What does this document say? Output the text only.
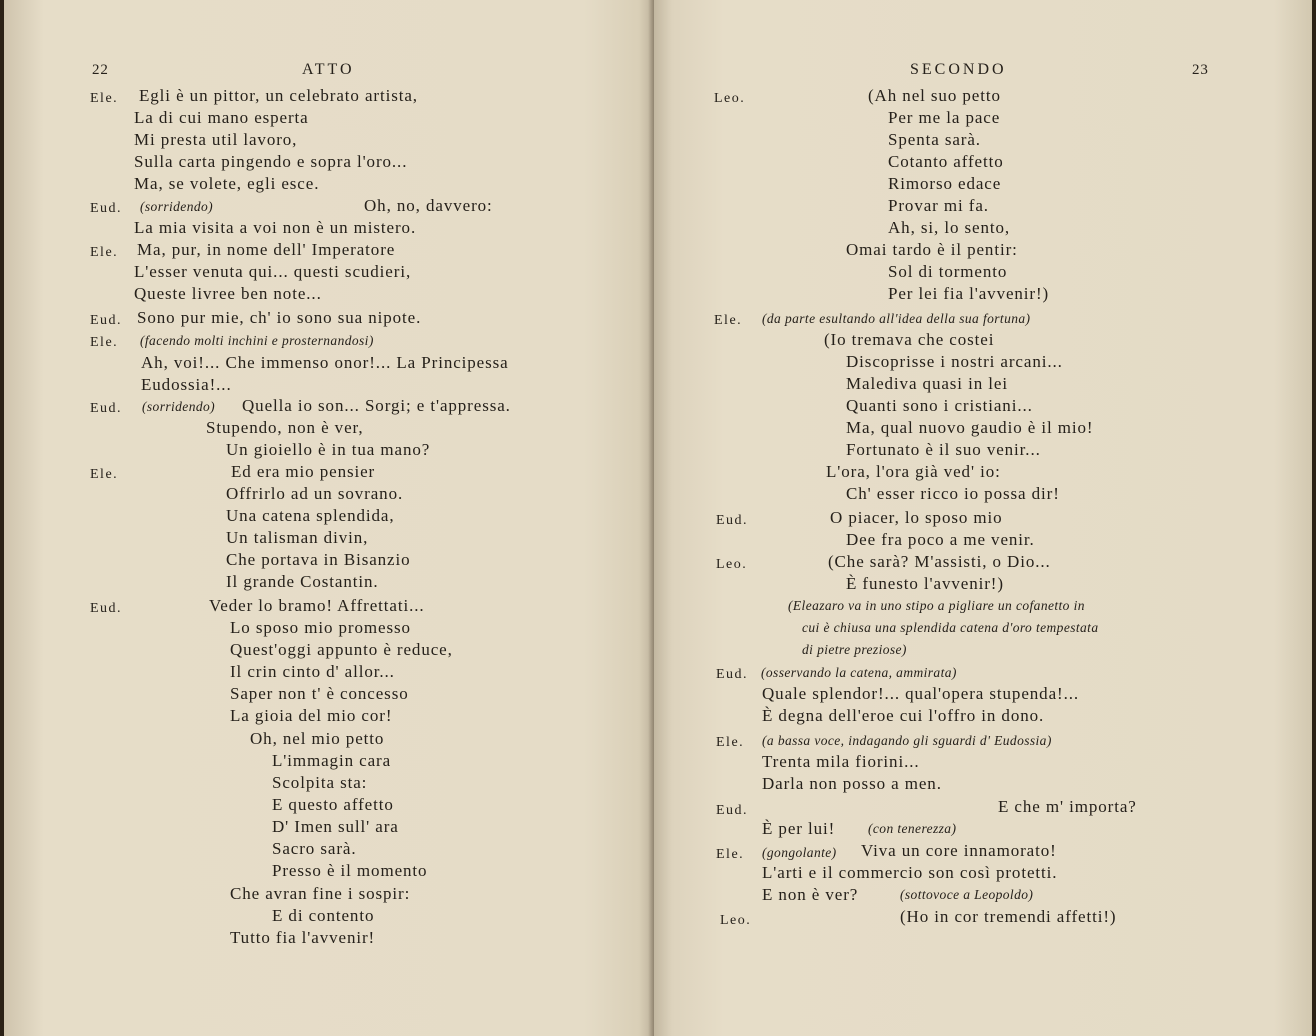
22	ATTO
Ele. Egli è un pittor, un celebrato artista,
La di cui mano esperta
Mi presta util lavoro,
Sulla carta pingendo e sopra l'oro...
Ma, se volete, egli esce.
Eud. (sorridendo)	Oh, no, davvero:
La mia visita a voi non è un mistero.
Ele. Ma, pur, in nome dell' Imperatore
L'esser venuta qui... questi scudieri,
Queste livree ben note...
Eud. Sono pur mie, ch' io sono sua nipote.
Ele. (facendo molti inchini e prosternandosi)
Ah, voi!... Che immenso onor!... La Principessa
Eudossia!...
Eud. (sorridendo) Quella io son... Sorgi; e t'appressa.
Stupendo, non è ver,
Un gioiello è in tua mano?
Ele.	Ed era mio pensier
Offrirlo ad un sovrano.
Una catena splendida,
Un talisman divin,
Che portava in Bisanzio
Il grande Costantin.
Eud.	Veder lo bramo! Affrettati...
Lo sposo mio promesso
Quest'oggi appunto è reduce,
Il crin cinto d' allor...
Saper non t' è concesso
La gioia del mio cor!
Oh, nel mio petto
L'immagin cara
Scolpita sta:
E questo affetto
D' Imen sull' ara
Sacro sarà.
Presso è il momento
Che avran fine i sospir:
E di contento
Tutto fia l'avvenir!
SECONDO	23
Leo.	(Ah nel suo petto
Per me la pace
Spenta sarà.
Cotanto affetto
Rimorso edace
Provar mi fa.
Ah, si, lo sento,
Omai tardo è il pentir:
Sol di tormento
Per lei fia l'avvenir!)
Ele. (da parte esultando all'idea della sua fortuna)
(Io tremava che costei
Discoprisse i nostri arcani...
Malediva quasi in lei
Quanti sono i cristiani...
Ma, qual nuovo gaudio è il mio!
Fortunato è il suo venir...
L'ora, l'ora già ved' io:
Ch' esser ricco io possa dir!
Eud.	O piacer, lo sposo mio
Dee fra poco a me venir.
Leo.	(Che sarà? M'assisti, o Dio...
È funesto l'avvenir!)
(Eleazaro va in uno stipo a pigliare un cofanetto in
cui è chiusa una splendida catena d'oro tempestata
di pietre preziose)
Eud. (osservando la catena, ammirata)
Quale splendor!... qual'opera stupenda!...
È degna dell'eroe cui l'offro in dono.
Ele. (a bassa voce, indagando gli sguardi d' Eudossia)
Trenta mila fiorini...
Darla non posso a men.
Eud.	E che m' importa?
È per lui! (con tenerezza)
Ele. (gongolante) Viva un core innamorato!
L'arti e il commercio son così protetti.
E non è ver?	(sottovoce a Leopoldo)
Leo.	(Ho in cor tremendi affetti!)
